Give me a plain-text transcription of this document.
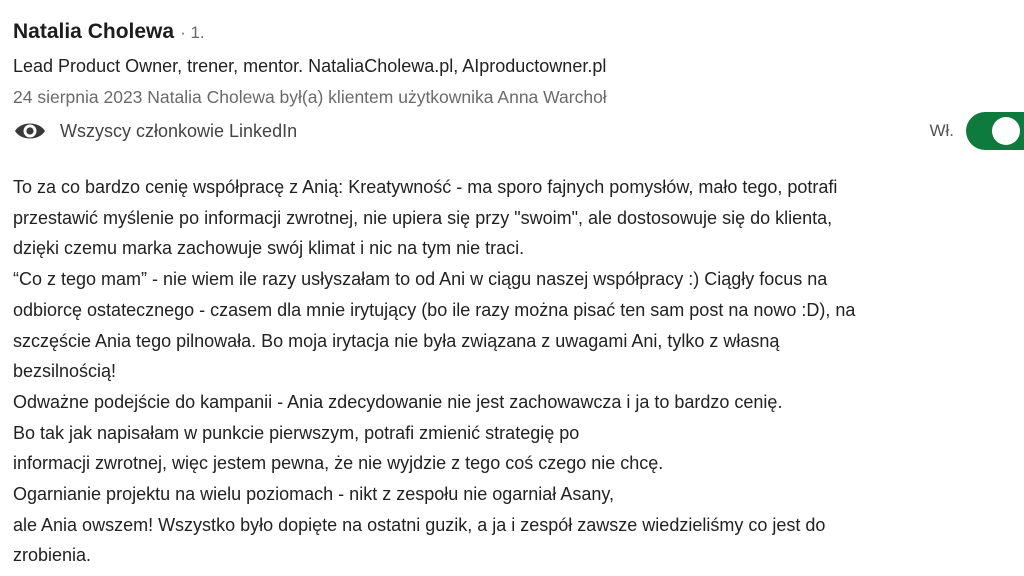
Natalia Cholewa · 1.
Lead Product Owner, trener, mentor. NataliaCholewa.pl, AIproductowner.pl
24 sierpnia 2023 Natalia Cholewa był(a) klientem użytkownika Anna Warchoł
Wszyscy członkowie LinkedIn	Wł.
To za co bardzo cenię współpracę z Anią: Kreatywność - ma sporo fajnych pomysłów, mało tego, potrafi
przestawić myślenie po informacji zwrotnej, nie upiera się przy "swoim", ale dostosowuje się do klienta,
dzięki czemu marka zachowuje swój klimat i nic na tym nie traci.
“Co z tego mam” - nie wiem ile razy usłyszałam to od Ani w ciągu naszej współpracy :) Ciągły focus na
odbiorcę ostatecznego - czasem dla mnie irytujący (bo ile razy można pisać ten sam post na nowo :D), na
szczęście Ania tego pilnowała. Bo moja irytacja nie była związana z uwagami Ani, tylko z własną
bezsilnością!
Odważne podejście do kampanii - Ania zdecydowanie nie jest zachowawcza i ja to bardzo cenię.
Bo tak jak napisałam w punkcie pierwszym, potrafi zmienić strategię po
informacji zwrotnej, więc jestem pewna, że nie wyjdzie z tego coś czego nie chcę.
Ogarnianie projektu na wielu poziomach - nikt z zespołu nie ogarniał Asany,
ale Ania owszem! Wszystko było dopięte na ostatni guzik, a ja i zespół zawsze wiedzieliśmy co jest do
zrobienia.
